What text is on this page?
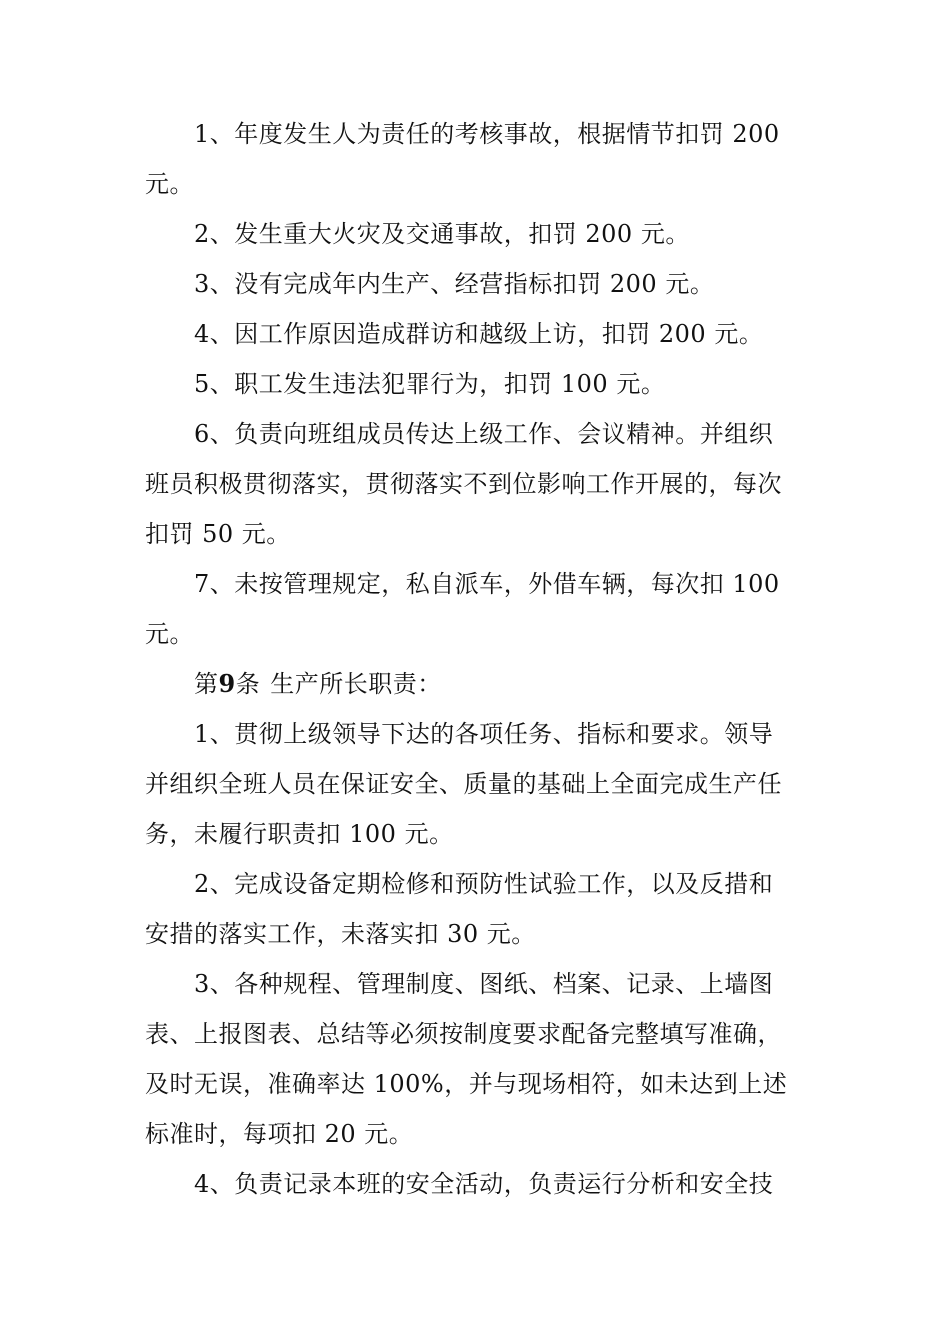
1、年度发生人为责任的考核事故，根据情节扣罚 200
元。
2、发生重大火灾及交通事故，扣罚 200 元。
3、没有完成年内生产、经营指标扣罚 200 元。
4、因工作原因造成群访和越级上访，扣罚 200 元。
5、职工发生违法犯罪行为，扣罚 100 元。
6、负责向班组成员传达上级工作、会议精神。并组织
班员积极贯彻落实，贯彻落实不到位影响工作开展的，每次
扣罚 50 元。
7、未按管理规定，私自派车，外借车辆，每次扣 100
元。
第9条 生产所长职责：
1、贯彻上级领导下达的各项任务、指标和要求。领导
并组织全班人员在保证安全、质量的基础上全面完成生产任
务，未履行职责扣 100 元。
2、完成设备定期检修和预防性试验工作，以及反措和
安措的落实工作，未落实扣 30 元。
3、各种规程、管理制度、图纸、档案、记录、上墙图
表、上报图表、总结等必须按制度要求配备完整填写准确，
及时无误，准确率达 100%，并与现场相符，如未达到上述
标准时，每项扣 20 元。
4、负责记录本班的安全活动，负责运行分析和安全技
